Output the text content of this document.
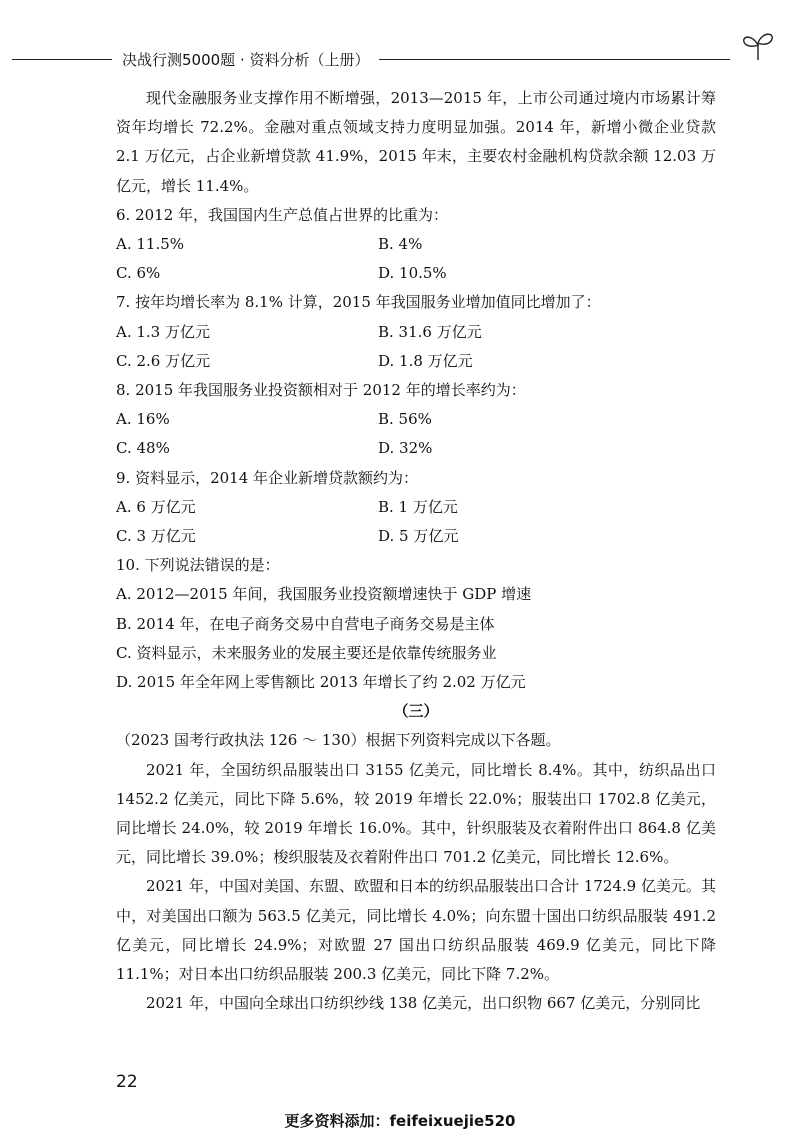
决战行测5000题 · 资料分析（上册）

现代金融服务业支撑作用不断增强，2013—2015 年，上市公司通过境内市场累计筹资年均增长 72.2%。金融对重点领域支持力度明显加强。2014 年，新增小微企业贷款 2.1 万亿元，占企业新增贷款 41.9%，2015 年末，主要农村金融机构贷款余额 12.03 万亿元，增长 11.4%。

6. 2012 年，我国国内生产总值占世界的比重为：

A. 11.5%	B. 4%
C. 6%	D. 10.5%

7. 按年均增长率为 8.1% 计算，2015 年我国服务业增加值同比增加了：

A. 1.3 万亿元	B. 31.6 万亿元
C. 2.6 万亿元	D. 1.8 万亿元

8. 2015 年我国服务业投资额相对于 2012 年的增长率约为：

A. 16%	B. 56%
C. 48%	D. 32%

9. 资料显示，2014 年企业新增贷款额约为：

A. 6 万亿元	B. 1 万亿元
C. 3 万亿元	D. 5 万亿元

10. 下列说法错误的是：

A. 2012—2015 年间，我国服务业投资额增速快于 GDP 增速

B. 2014 年，在电子商务交易中自营电子商务交易是主体

C. 资料显示，未来服务业的发展主要还是依靠传统服务业

D. 2015 年全年网上零售额比 2013 年增长了约 2.02 万亿元

（三）

（2023 国考行政执法 126 ～ 130）根据下列资料完成以下各题。

2021 年，全国纺织品服装出口 3155 亿美元，同比增长 8.4%。其中，纺织品出口 1452.2 亿美元，同比下降 5.6%，较 2019 年增长 22.0%；服装出口 1702.8 亿美元，同比增长 24.0%，较 2019 年增长 16.0%。其中，针织服装及衣着附件出口 864.8 亿美元，同比增长 39.0%；梭织服装及衣着附件出口 701.2 亿美元，同比增长 12.6%。

2021 年，中国对美国、东盟、欧盟和日本的纺织品服装出口合计 1724.9 亿美元。其中，对美国出口额为 563.5 亿美元，同比增长 4.0%；向东盟十国出口纺织品服装 491.2 亿美元，同比增长 24.9%；对欧盟 27 国出口纺织品服装 469.9 亿美元，同比下降 11.1%；对日本出口纺织品服装 200.3 亿美元，同比下降 7.2%。

2021 年，中国向全球出口纺织纱线 138 亿美元，出口织物 667 亿美元，分别同比

22
更多资料添加：feifeixuejie520
